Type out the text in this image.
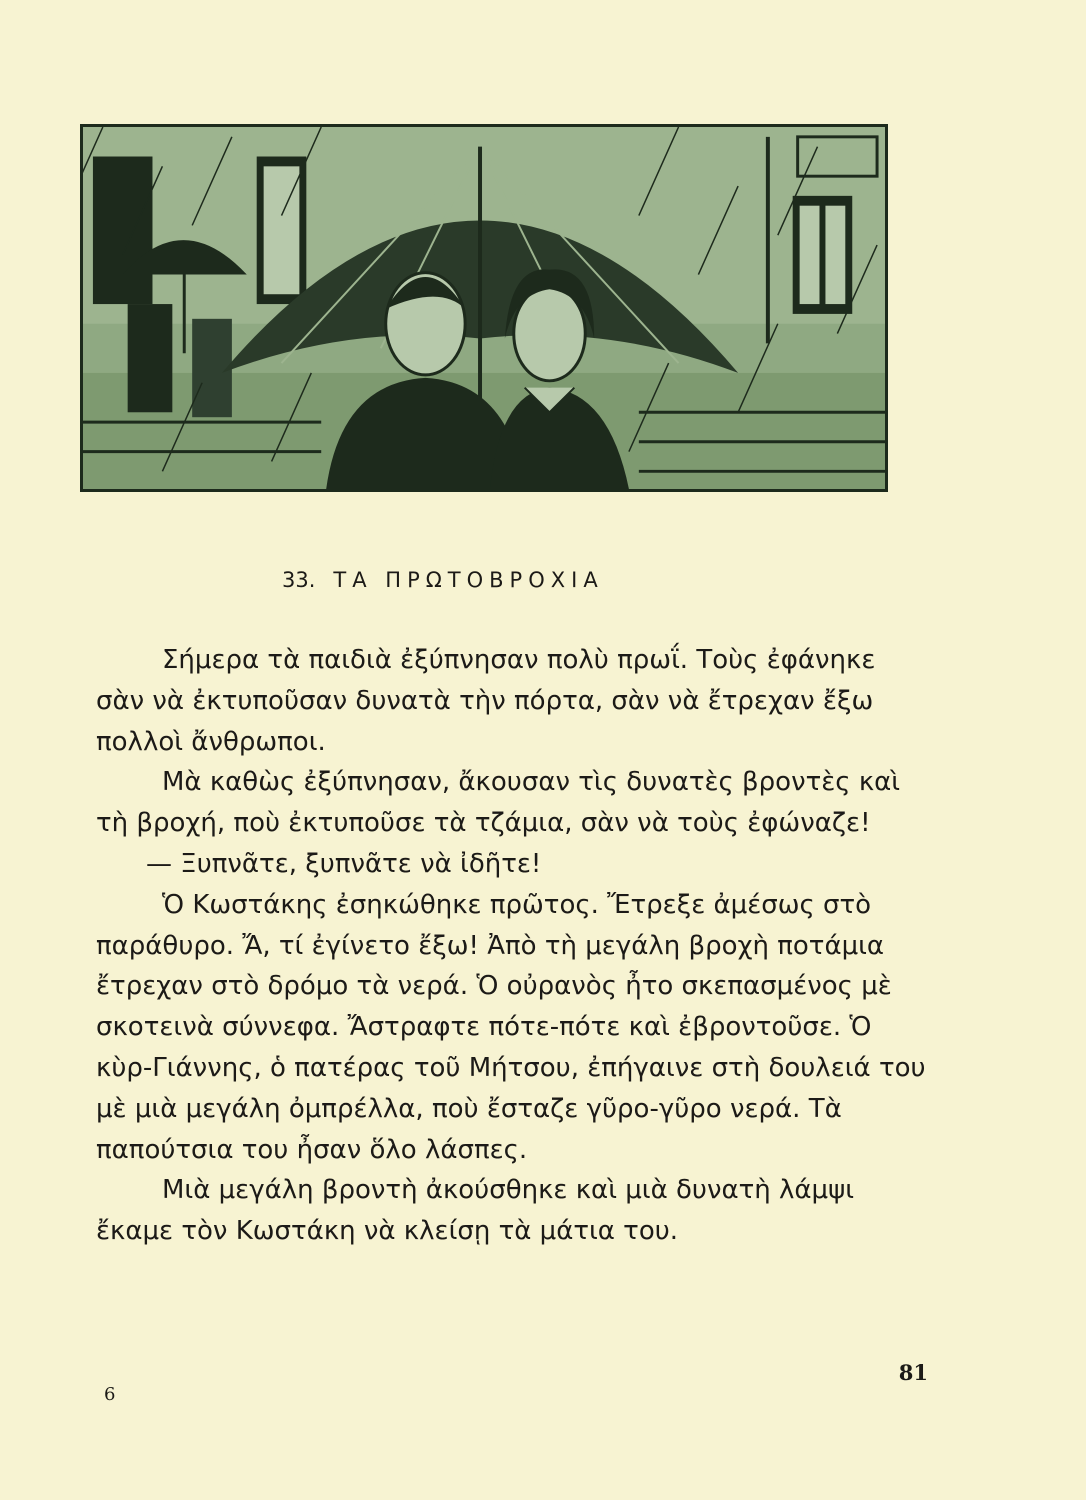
33. ΤΑ ΠΡΩΤΟΒΡΟΧΙΑ

Σήμερα τὰ παιδιὰ ἐξύπνησαν πολὺ πρωΐ. Τοὺς ἐφάνηκε σὰν νὰ ἐκτυποῦσαν δυνατὰ τὴν πόρτα, σὰν νὰ ἔτρεχαν ἔξω πολλοὶ ἄνθρωποι.

Μὰ καθὼς ἐξύπνησαν, ἄκουσαν τὶς δυνατὲς βροντὲς καὶ τὴ βροχή, ποὺ ἐκτυποῦσε τὰ τζάμια, σὰν νὰ τοὺς ἐφώναζε!

— Ξυπνᾶτε, ξυπνᾶτε νὰ ἰδῆτε!

Ὁ Κωστάκης ἐσηκώθηκε πρῶτος. Ἔτρεξε ἀμέσως στὸ παράθυρο. Ἄ, τί ἐγίνετο ἔξω! Ἀπὸ τὴ μεγάλη βροχὴ ποτάμια ἔτρεχαν στὸ δρόμο τὰ νερά. Ὁ οὐρανὸς ἦτο σκεπασμένος μὲ σκοτεινὰ σύννεφα. Ἄστραφτε πότε-πότε καὶ ἐβροντοῦσε. Ὁ κὺρ-Γιάννης, ὁ πατέρας τοῦ Μήτσου, ἐπήγαινε στὴ δουλειά του μὲ μιὰ μεγάλη ὀμπρέλλα, ποὺ ἔσταζε γῦρο-γῦρο νερά. Τὰ παπούτσια του ἦσαν ὅλο λάσπες.

Μιὰ μεγάλη βροντὴ ἀκούσθηκε καὶ μιὰ δυνατὴ λάμψι ἔκαμε τὸν Κωστάκη νὰ κλείσῃ τὰ μάτια του.

6
81
